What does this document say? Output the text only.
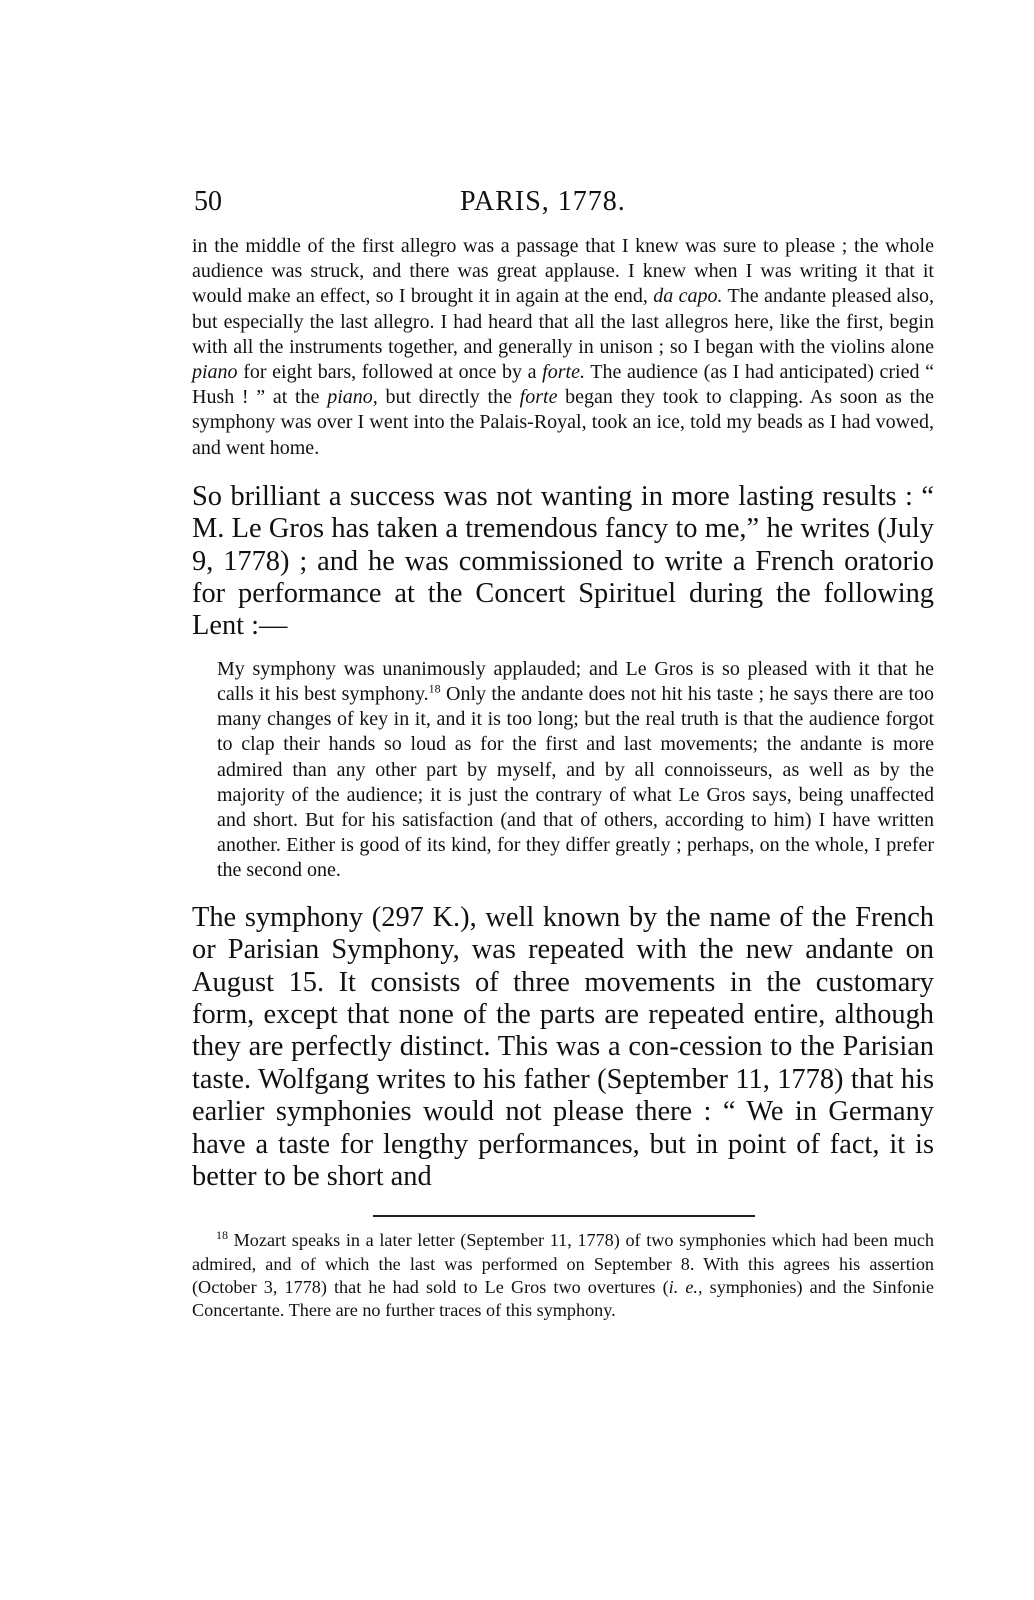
50	PARIS, 1778.

in the middle of the first allegro was a passage that I knew was sure to please ; the whole audience was struck, and there was great applause. I knew when I was writing it that it would make an effect, so I brought it in again at the end, da capo. The andante pleased also, but especially the last allegro. I had heard that all the last allegros here, like the first, begin with all the instruments together, and generally in unison ; so I began with the violins alone piano for eight bars, followed at once by a forte. The audience (as I had anticipated) cried “ Hush ! ” at the piano, but directly the forte began they took to clapping. As soon as the symphony was over I went into the Palais-Royal, took an ice, told my beads as I had vowed, and went home.

So brilliant a success was not wanting in more lasting results : “ M. Le Gros has taken a tremendous fancy to me,” he writes (July 9, 1778) ; and he was commissioned to write a French oratorio for performance at the Concert Spirituel during the following Lent :—

My symphony was unanimously applauded; and Le Gros is so pleased with it that he calls it his best symphony.$^{18}$ Only the andante does not hit his taste ; he says there are too many changes of key in it, and it is too long; but the real truth is that the audience forgot to clap their hands so loud as for the first and last movements; the andante is more admired than any other part by myself, and by all connoisseurs, as well as by the majority of the audience; it is just the contrary of what Le Gros says, being unaffected and short. But for his satisfaction (and that of others, according to him) I have written another. Either is good of its kind, for they differ greatly ; perhaps, on the whole, I prefer the second one.

The symphony (297 K.), well known by the name of the French or Parisian Symphony, was repeated with the new andante on August 15. It consists of three movements in the customary form, except that none of the parts are repeated entire, although they are perfectly distinct. This was a con-cession to the Parisian taste. Wolfgang writes to his father (September 11, 1778) that his earlier symphonies would not please there : “ We in Germany have a taste for lengthy performances, but in point of fact, it is better to be short and

$^{18}$ Mozart speaks in a later letter (September 11, 1778) of two symphonies which had been much admired, and of which the last was performed on September 8. With this agrees his assertion (October 3, 1778) that he had sold to Le Gros two overtures (i. e., symphonies) and the Sinfonie Concertante. There are no further traces of this symphony.
